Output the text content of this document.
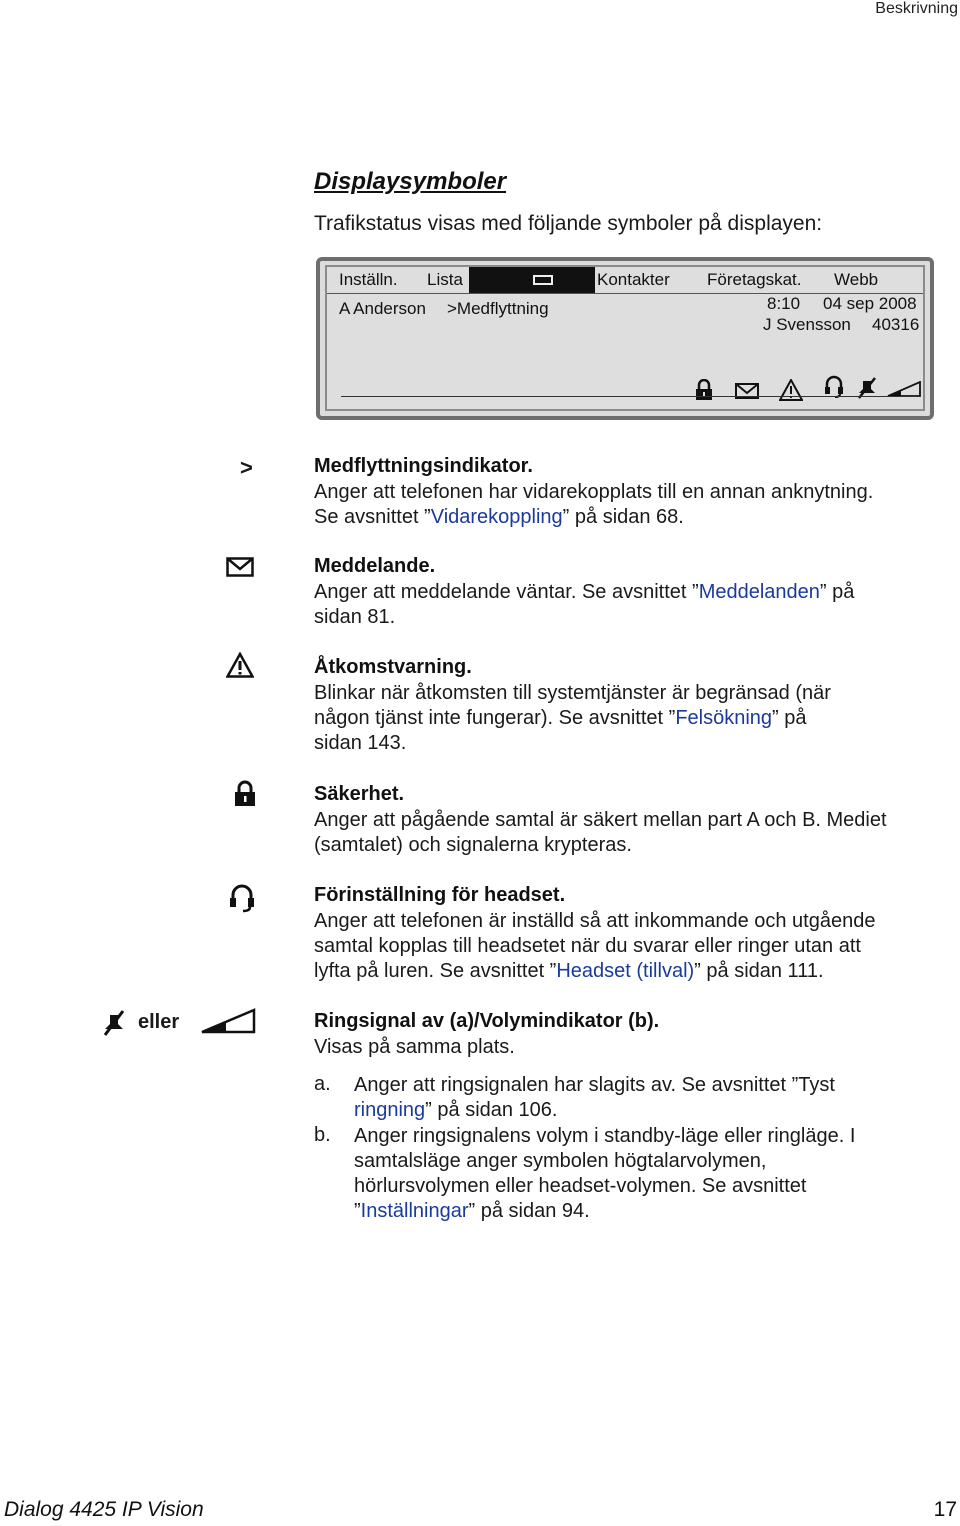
Beskrivning
Displaysymboler
Trafikstatus visas med följande symboler på displayen:
Inställn. Lista	Kontakter Företagskat. Webb
A Anderson >Medflyttning	8:10 04 sep 2008
J Svensson 40316
>	Medflyttningsindikator.
Anger att telefonen har vidarekopplats till en annan anknytning.
Se avsnittet ”Vidarekoppling” på sidan 68.
Meddelande.
Anger att meddelande väntar. Se avsnittet ”Meddelanden” på
sidan 81.
Åtkomstvarning.
Blinkar när åtkomsten till systemtjänster är begränsad (när
någon tjänst inte fungerar). Se avsnittet ”Felsökning” på
sidan 143.
Säkerhet.
Anger att pågående samtal är säkert mellan part A och B. Mediet
(samtalet) och signalerna krypteras.
Förinställning för headset.
Anger att telefonen är inställd så att inkommande och utgående
samtal kopplas till headsetet när du svarar eller ringer utan att
lyfta på luren. Se avsnittet ”Headset (tillval)” på sidan 111.
eller	Ringsignal av (a)/Volymindikator (b).
Visas på samma plats.
a. Anger att ringsignalen har slagits av. Se avsnittet ”Tyst
ringning” på sidan 106.
b. Anger ringsignalens volym i standby-läge eller ringläge. I
samtalsläge anger symbolen högtalarvolymen,
hörlursvolymen eller headset-volymen. Se avsnittet
”Inställningar” på sidan 94.
Dialog 4425 IP Vision	17
